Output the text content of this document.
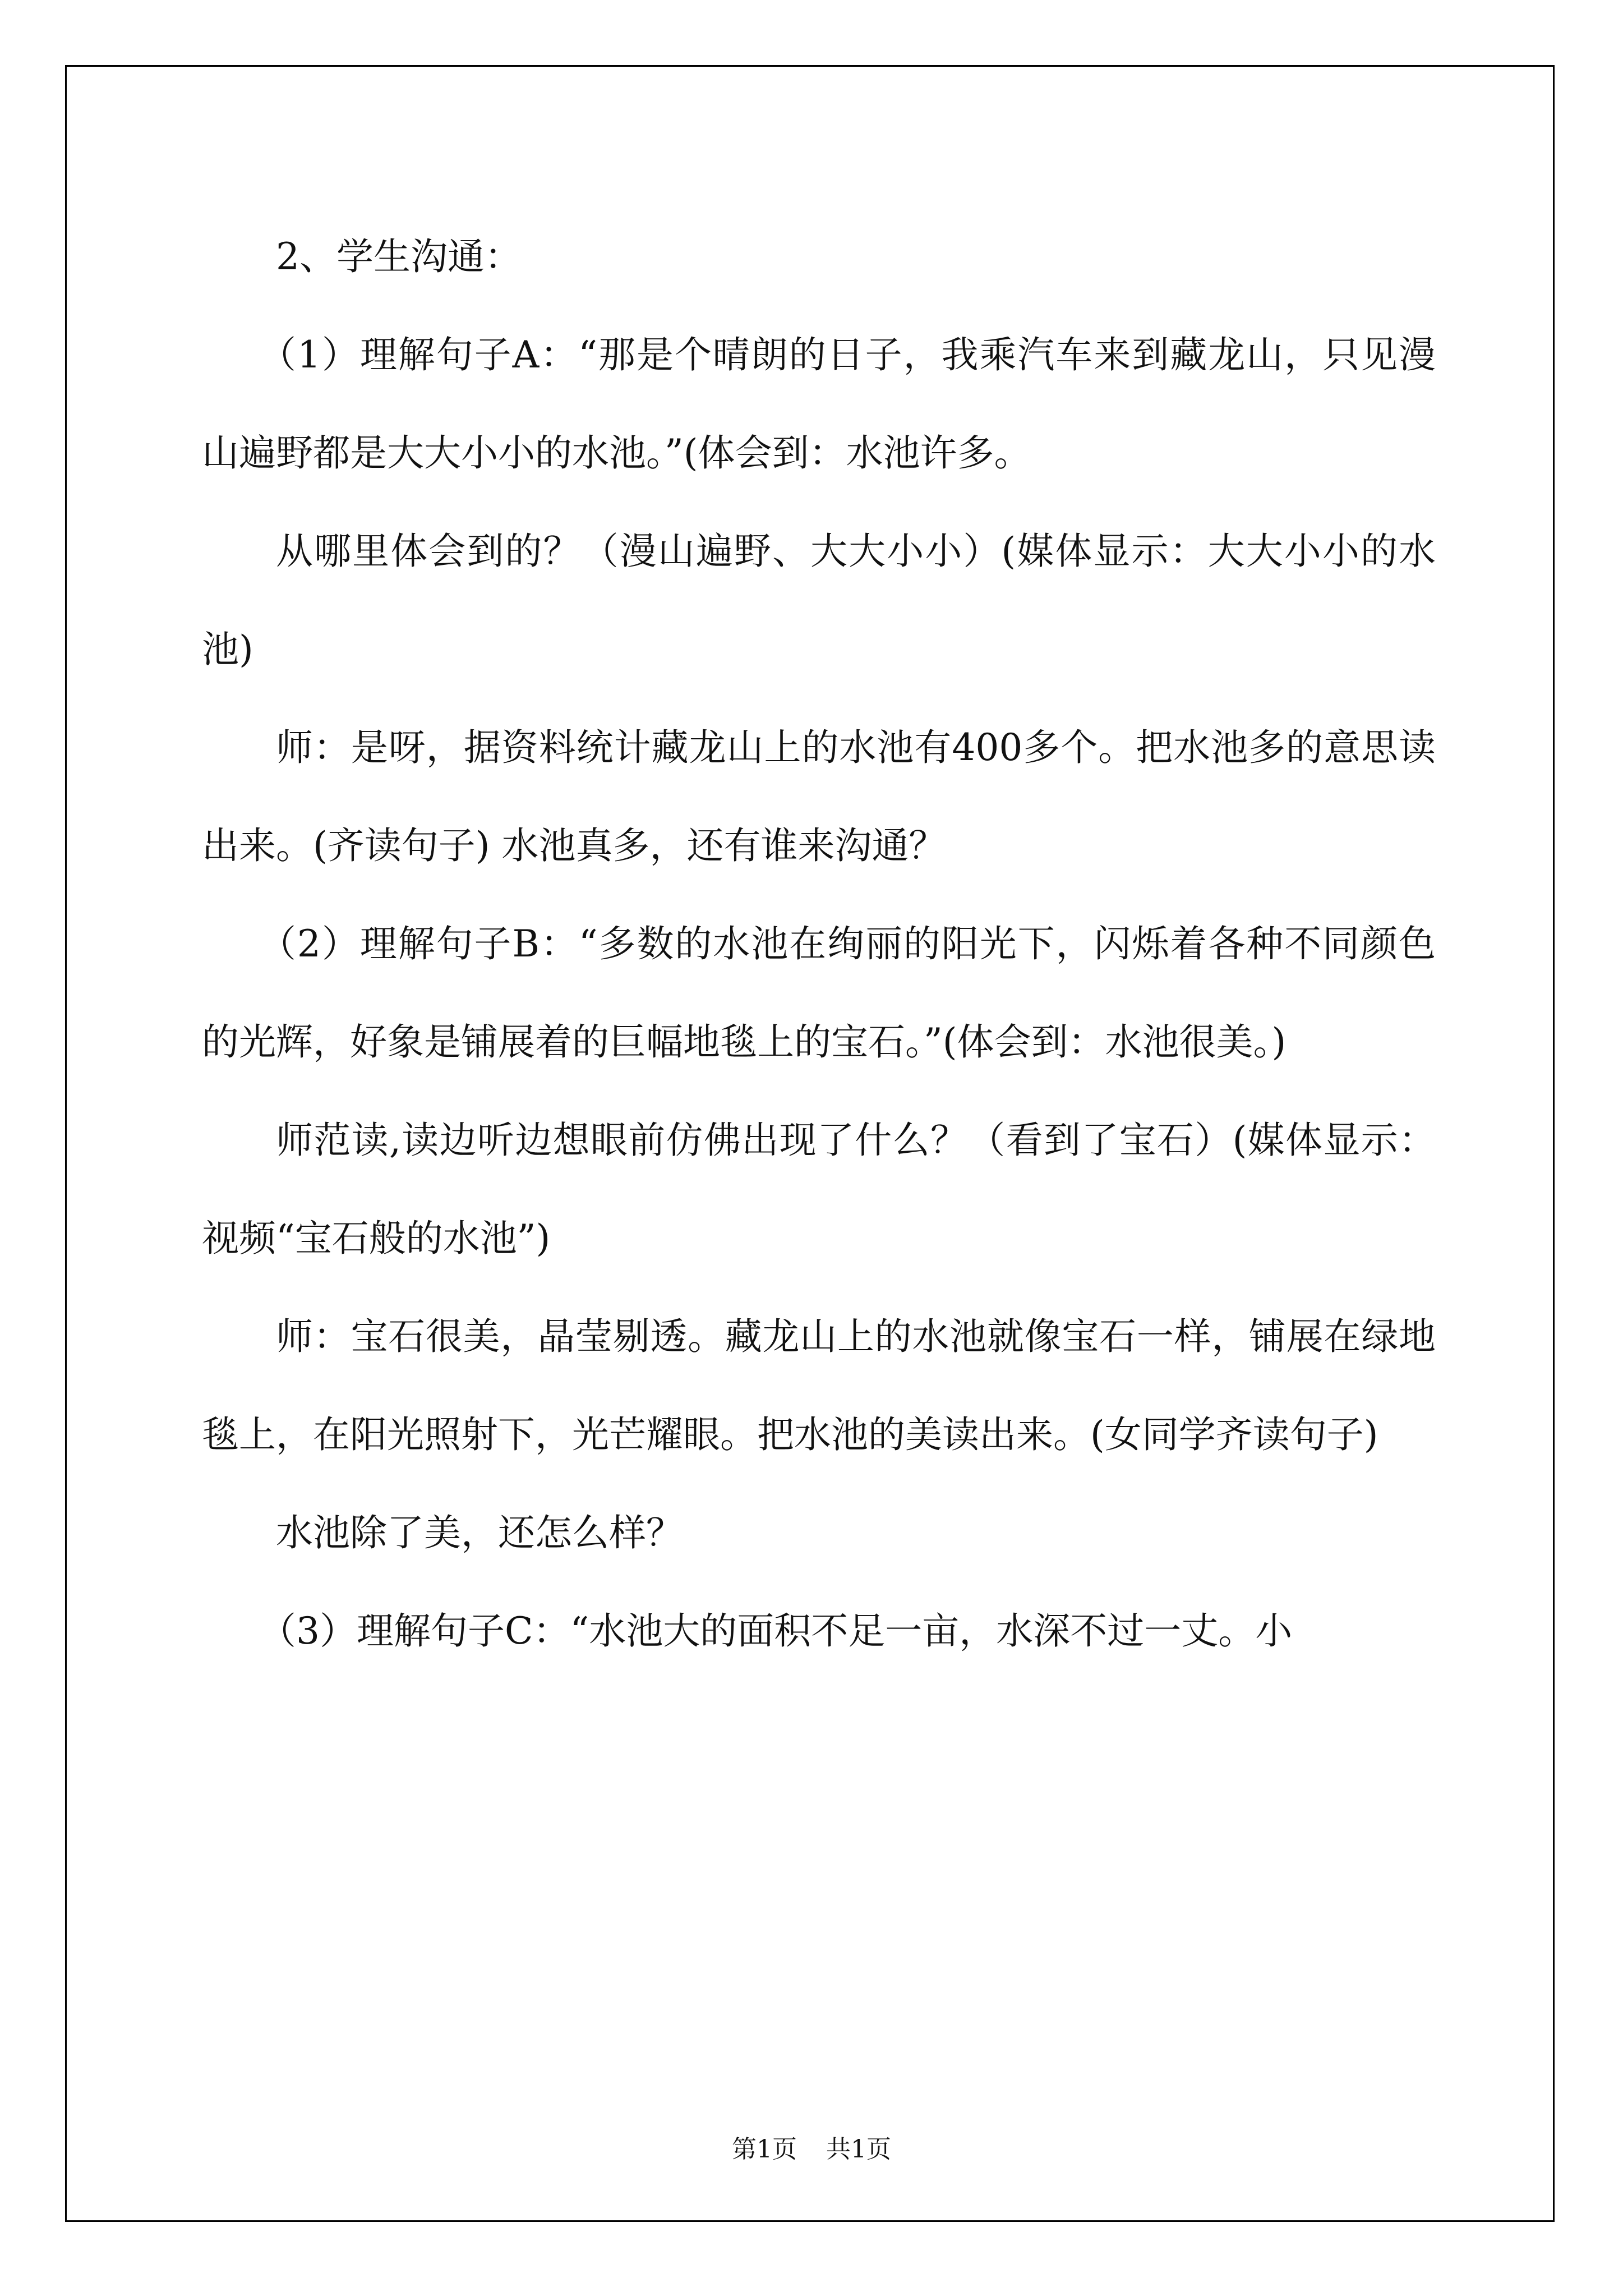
2、学生沟通：

（1）理解句子A：“那是个晴朗的日子，我乘汽车来到藏龙山，只见漫山遍野都是大大小小的水池。”(体会到：水池许多。

从哪里体会到的？（漫山遍野、大大小小）(媒体显示：大大小小的水池)

师：是呀，据资料统计藏龙山上的水池有400多个。把水池多的意思读出来。(齐读句子) 水池真多，还有谁来沟通？

（2）理解句子B：“多数的水池在绚丽的阳光下，闪烁着各种不同颜色的光辉，好象是铺展着的巨幅地毯上的宝石。”(体会到：水池很美。)

师范读,读边听边想眼前仿佛出现了什么？（看到了宝石）(媒体显示：视频“宝石般的水池”)

师：宝石很美，晶莹剔透。藏龙山上的水池就像宝石一样，铺展在绿地毯上，在阳光照射下，光芒耀眼。把水池的美读出来。(女同学齐读句子)

水池除了美，还怎么样？

（3）理解句子C：“水池大的面积不足一亩，水深不过一丈。小

第1页 共1页
